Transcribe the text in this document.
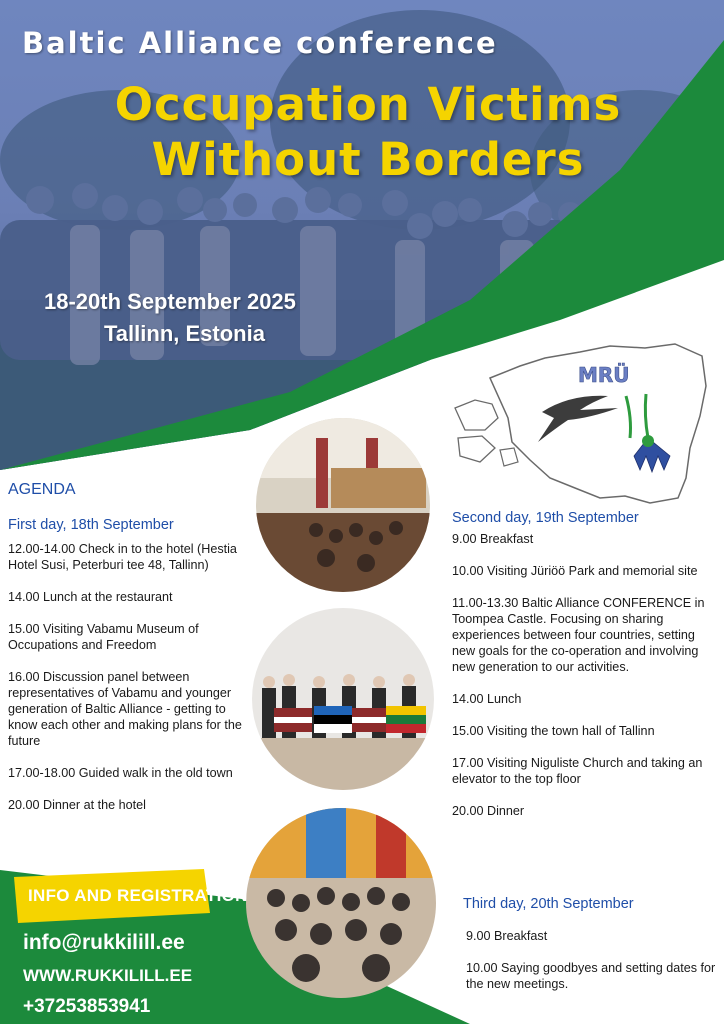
Baltic Alliance conference
Occupation Victims
Without Borders
18-20th September 2025
Tallinn, Estonia
MRÜ
AGENDA
First day, 18th September
12.00-14.00 Check in to the hotel (Hestia Hotel Susi, Peterburi tee 48, Tallinn)
14.00 Lunch at the restaurant
15.00 Visiting Vabamu Museum of Occupations and Freedom
16.00 Discussion panel between representatives of Vabamu and younger generation of Baltic Alliance - getting to know each other and making plans for the future
17.00-18.00 Guided walk in the old town
20.00 Dinner at the hotel
Second day, 19th September
9.00 Breakfast
10.00 Visiting Jüriöö Park and memorial site
11.00-13.30 Baltic Alliance CONFERENCE in Toompea Castle. Focusing on sharing experiences between four countries, setting new goals for the co-operation and involving new generation to our activities.
14.00 Lunch
15.00 Visiting the town hall of Tallinn
17.00 Visiting Niguliste Church and taking an elevator to the top floor
20.00 Dinner
Third day, 20th September
9.00 Breakfast
10.00 Saying goodbyes and setting dates for the new meetings.
INFO AND REGISTRATION
info@rukkilill.ee
WWW.RUKKILILL.EE
+37253853941
